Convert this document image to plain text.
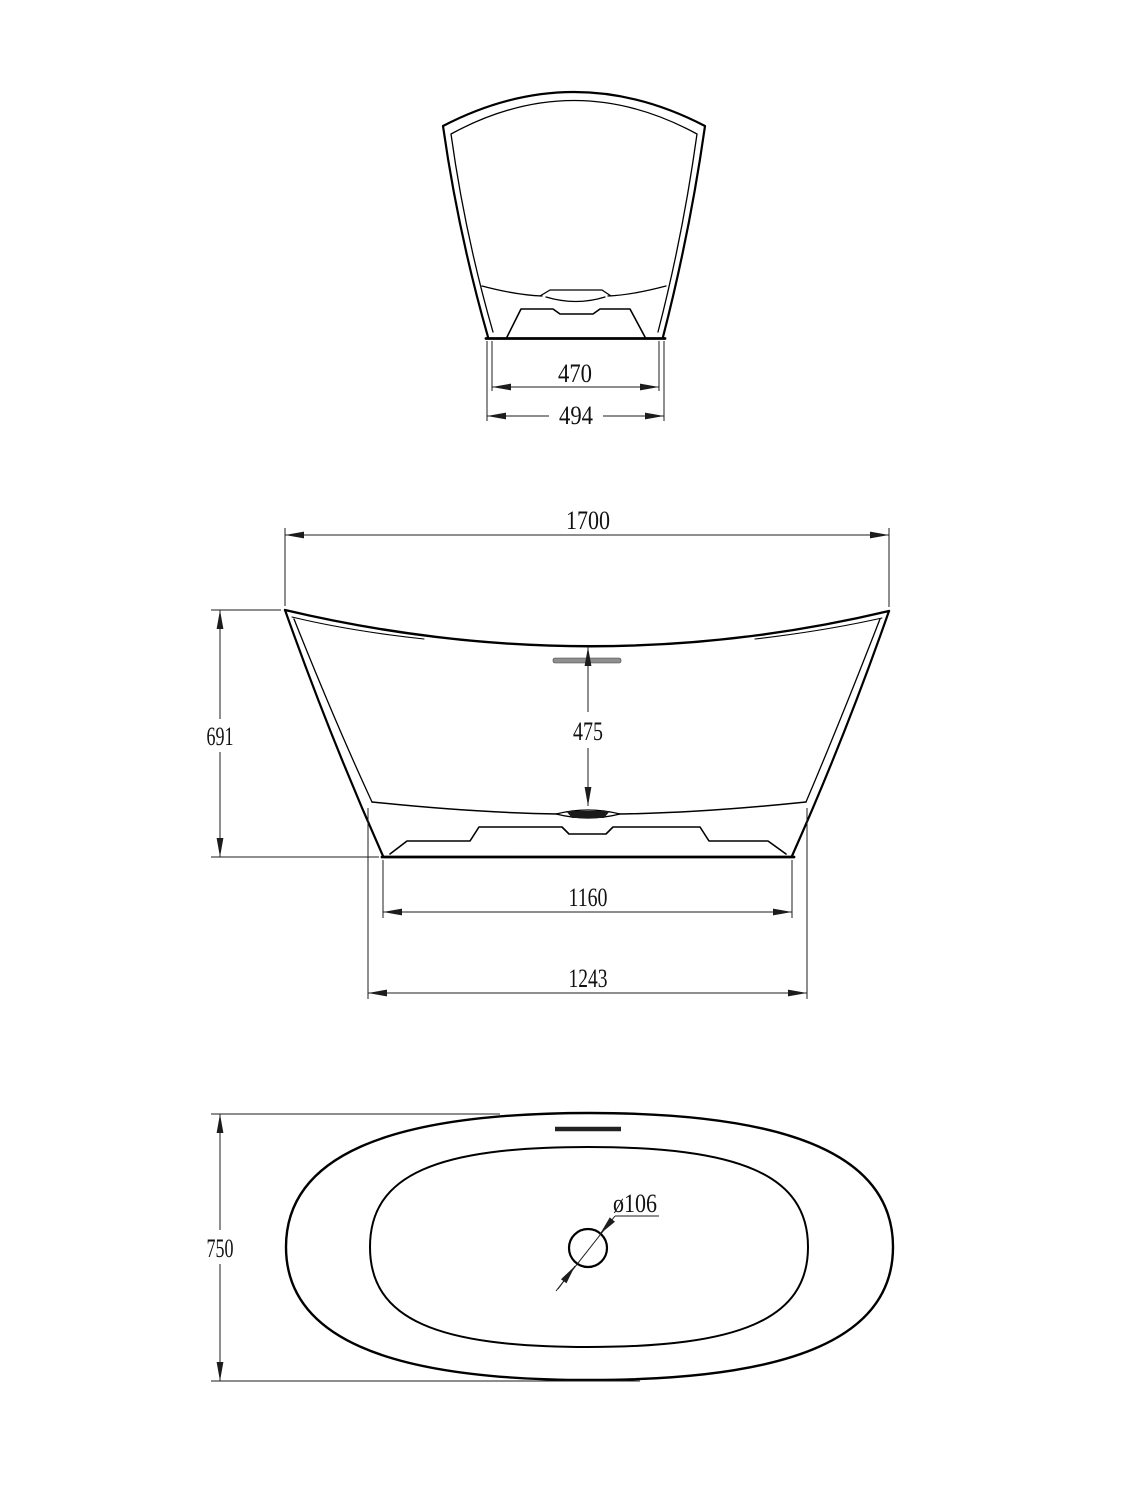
470
494
1700
691	475
1160
1243
ø106
750
